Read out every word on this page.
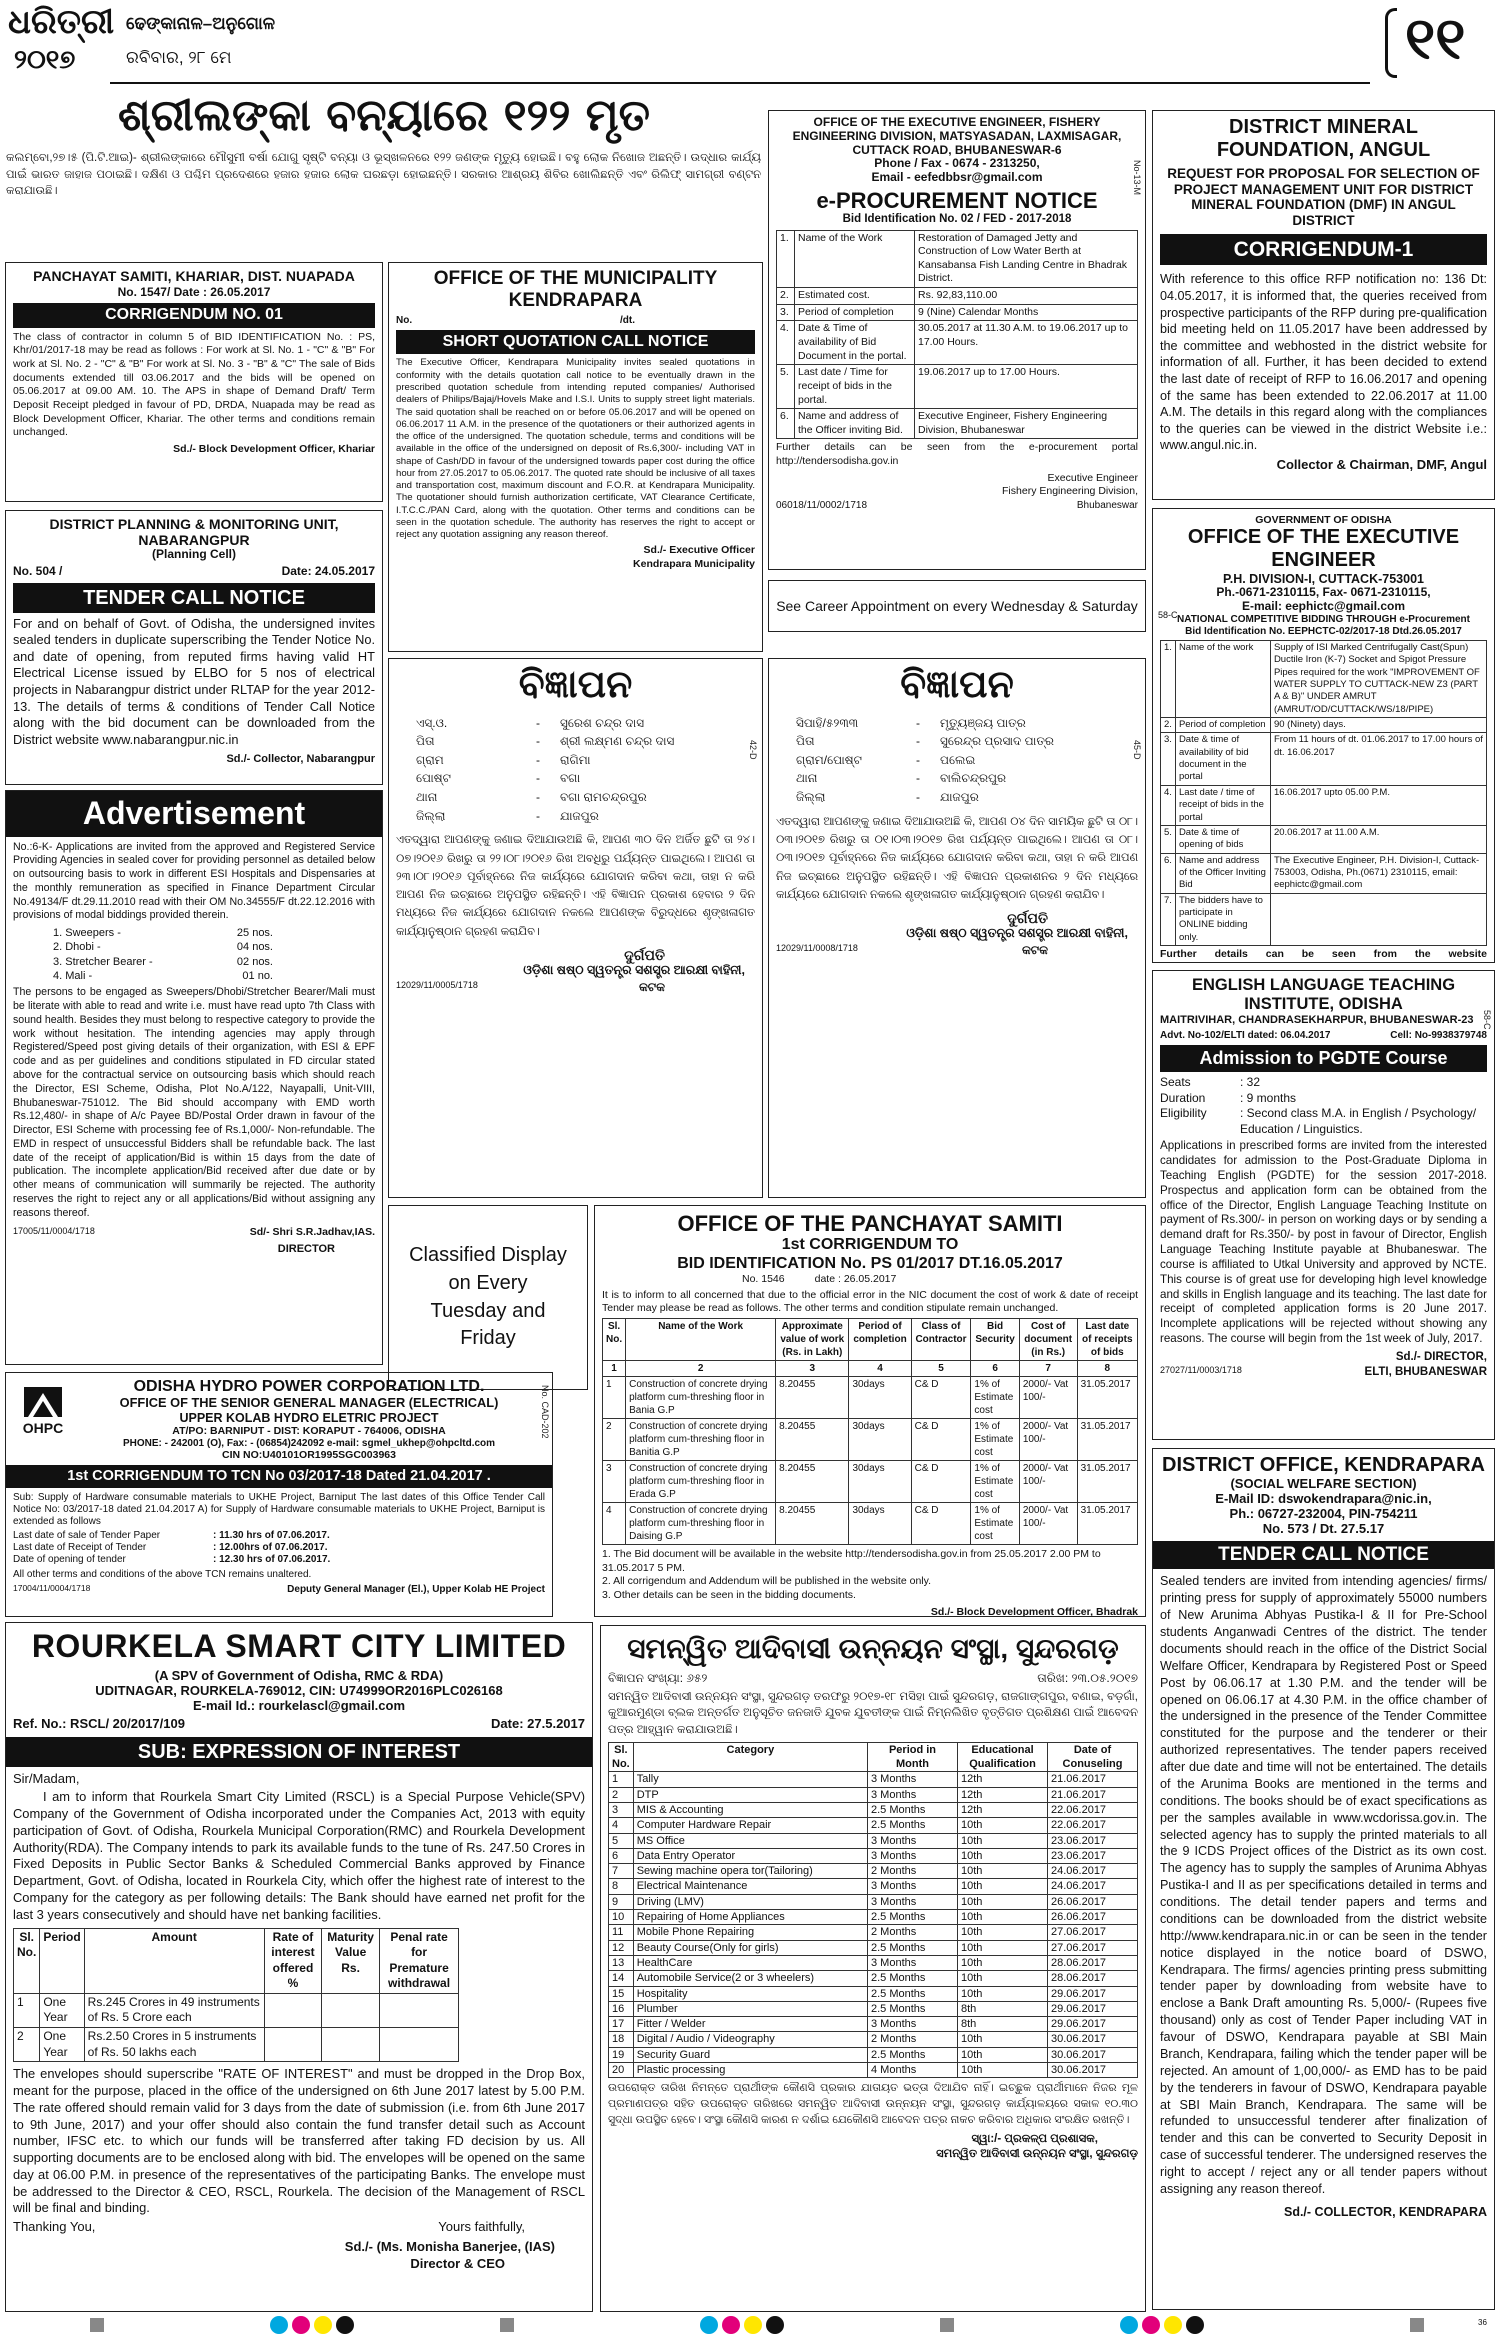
ଧରିତ୍ରୀ
୨୦୧୭
ଢେଙ୍କାନାଳ–ଅନୁଗୋଳ
ରବିବାର, ୨୮ ମେ	୧୧
ଶ୍ରୀଲଙ୍କା ବନ୍ୟାରେ ୧୨୨ ମୃତ
କଲମ୍ବୋ,୨୭।୫ (ପି.ଟି.ଆଇ)- ଶ୍ରୀଲଙ୍କାରେ ମୌସୁମୀ ବର୍ଷା ଯୋଗୁ ସୃଷ୍ଟି ବନ୍ୟା ଓ ଭୂସ୍ଖଳନରେ ୧୨୨ ଜଣଙ୍କ ମୃତ୍ୟୁ ହୋଇଛି। ବହୁ ଲୋକ ନିଖୋଜ ଅଛନ୍ତି। ଉଦ୍ଧାର କାର୍ଯ୍ୟ ପାଇଁ ଭାରତ ଜାହାଜ ପଠାଇଛି। ଦକ୍ଷିଣ ଓ ପଶ୍ଚିମ ପ୍ରଦେଶରେ ହଜାର ହଜାର ଲୋକ ଘରଛଡ଼ା ହୋଇଛନ୍ତି। ସରକାର ଆଶ୍ରୟ ଶିବିର ଖୋଲିଛନ୍ତି ଏବଂ ରିଲିଫ୍ ସାମଗ୍ରୀ ବଣ୍ଟନ କରାଯାଉଛି।
PANCHAYAT SAMITI, KHARIAR, DIST. NUAPADA
No. 1547/ Date : 26.05.2017
CORRIGENDUM NO. 01
The class of contractor in column 5 of BID IDENTIFICATION No. : PS, Khr/01/2017-18 may be read as follows : For work at Sl. No. 1 - "C" & "B" For work at Sl. No. 2 - "C" & "B" For work at Sl. No. 3 - "B" & "C" The sale of Bids documents extended till 03.06.2017 and the bids will be opened on 05.06.2017 at 09.00 AM. 10. The APS in shape of Demand Draft/ Term Deposit Receipt pledged in favour of PD, DRDA, Nuapada may be read as Block Development Officer, Khariar. The other terms and conditions remain unchanged.
Sd./- Block Development Officer, Khariar
OFFICE OF THE MUNICIPALITY KENDRAPARA
No.	/dt.
SHORT QUOTATION CALL NOTICE
The Executive Officer, Kendrapara Municipality invites sealed quotations in conformity with the details quotation call notice to be eventually drawn in the prescribed quotation schedule from intending reputed companies/ Authorised dealers of Philips/Bajaj/Hovels Make and I.S.I. Units to supply street light materials. The said quotation shall be reached on or before 05.06.2017 and will be opened on 06.06.2017 11 A.M. in the presence of the quotationers or their authorized agents in the office of the undersigned. The quotation schedule, terms and conditions will be available in the office of the undersigned on deposit of Rs.6,300/- including VAT in shape of Cash/DD in favour of the undersigned towards paper cost during the office hour from 27.05.2017 to 05.06.2017. The quoted rate should be inclusive of all taxes and transportation cost, maximum discount and F.O.R. at Kendrapara Municipality. The quotationer should furnish authorization certificate, VAT Clearance Certificate, I.T.C.C./PAN Card, along with the quotation. Other terms and conditions can be seen in the quotation schedule. The authority has reserves the right to accept or reject any quotation assigning any reason thereof.
Sd./- Executive Officer
Kendrapara Municipality
OFFICE OF THE EXECUTIVE ENGINEER, FISHERY ENGINEERING DIVISION, MATSYASADAN, LAXMISAGAR, CUTTACK ROAD, BHUBANESWAR-6
Phone / Fax - 0674 - 2313250,
Email - eefedbbsr@gmail.com
e-PROCUREMENT NOTICE
Bid Identification No. 02 / FED - 2017-2018
1.	Name of the Work	Restoration of Damaged Jetty and Construction of Low Water Berth at Kansabansa Fish Landing Centre in Bhadrak District.
2.	Estimated cost.	Rs. 92,83,110.00
3.	Period of completion	9 (Nine) Calendar Months
4.	Date & Time of availability of Bid Document in the portal.	30.05.2017 at 11.30 A.M. to 19.06.2017 up to 17.00 Hours.
5.	Last date / Time for receipt of bids in the portal.	19.06.2017 up to 17.00 Hours.
6.	Name and address of the Officer inviting Bid.	Executive Engineer, Fishery Engineering Division, Bhubaneswar
Further details can be seen from the e-procurement portal http://tendersodisha.gov.in
Executive Engineer
Fishery Engineering Division,
06018/11/0002/1718	Bhubaneswar
No-13-M
See Career Appointment on every Wednesday & Saturday
DISTRICT MINERAL FOUNDATION, ANGUL
REQUEST FOR PROPOSAL FOR SELECTION OF PROJECT MANAGEMENT UNIT FOR DISTRICT MINERAL FOUNDATION (DMF) IN ANGUL DISTRICT
CORRIGENDUM-1
With reference to this office RFP notification no: 136 Dt: 04.05.2017, it is informed that, the queries received from prospective participants of the RFP during pre-qualification bid meeting held on 11.05.2017 have been addressed by the committee and webhosted in the district website for information of all. Further, it has been decided to extend the last date of receipt of RFP to 16.06.2017 and opening of the same has been extended to 22.06.2017 at 11.00 A.M. The details in this regard along with the compliances to the queries can be viewed in the district Website i.e.: www.angul.nic.in.
Collector & Chairman, DMF, Angul
DISTRICT PLANNING & MONITORING UNIT, NABARANGPUR
(Planning Cell)
No. 504 /	Date: 24.05.2017
TENDER CALL NOTICE
For and on behalf of Govt. of Odisha, the undersigned invites sealed tenders in duplicate superscribing the Tender Notice No. and date of opening, from reputed firms having valid HT Electrical License issued by ELBO for 5 nos of electrical projects in Nabarangpur district under RLTAP for the year 2012-13. The details of terms & conditions of Tender Call Notice along with the bid document can be downloaded from the District website www.nabarangpur.nic.in
Sd./- Collector, Nabarangpur
Advertisement
No.:6-K- Applications are invited from the approved and Registered Service Providing Agencies in sealed cover for providing personnel as detailed below on outsourcing basis to work in different ESI Hospitals and Dispensaries at the monthly remuneration as specified in Finance Department Circular No.49134/F dt.29.11.2010 read with their OM No.34555/F dt.22.12.2016 with provisions of modal biddings provided therein.
1. Sweepers -	25 nos.
2. Dhobi -	04 nos.
3. Stretcher Bearer -	02 nos.
4. Mali -	01 no.
The persons to be engaged as Sweepers/Dhobi/Stretcher Bearer/Mali must be literate with able to read and write i.e. must have read upto 7th Class with sound health. Besides they must belong to respective category to provide the work without hesitation. The intending agencies may apply through Registered/Speed post giving details of their organization, with ESI & EPF code and as per guidelines and conditions stipulated in FD circular stated above for the contractual service on outsourcing basis which should reach the Director, ESI Scheme, Odisha, Plot No.A/122, Nayapalli, Unit-VIII, Bhubaneswar-751012. The Bid should accompany with EMD worth Rs.12,480/- in shape of A/c Payee BD/Postal Order drawn in favour of the Director, ESI Scheme with processing fee of Rs.1,000/- Non-refundable. The EMD in respect of unsuccessful Bidders shall be refundable back. The last date of the receipt of application/Bid is within 15 days from the date of publication. The incomplete application/Bid received after due date or by other means of communication will summarily be rejected. The authority reserves the right to reject any or all applications/Bid without assigning any reasons thereof.
17005/11/0004/1718	Sd/- Shri S.R.Jadhav,IAS.
DIRECTOR
ବିଜ୍ଞାପନ
ଏସ୍.ଓ.	- ସୁରେଶ ଚନ୍ଦ୍ର ଦାସ
ପିତା	- ଶ୍ରୀ ଲକ୍ଷ୍ମଣ ଚନ୍ଦ୍ର ଦାସ
ଗ୍ରାମ	- ରାଗିମା
ପୋଷ୍ଟ	- ବଗା
ଥାନା	- ବଗା ରାମଚନ୍ଦ୍ରପୁର
ଜିଲ୍ଲା	- ଯାଜପୁର
ଏତଦ୍ୱାରା ଆପଣଙ୍କୁ ଜଣାଇ ଦିଆଯାଉଅଛି କି, ଆପଣ ୩୦ ଦିନ ଅର୍ଜିତ ଛୁଟି ତା ୨୪।୦୭।୨୦୧୬ ରିଖରୁ ତା ୨୨।୦୮।୨୦୧୬ ରିଖ ଅବଧିରୁ ପର୍ଯ୍ୟନ୍ତ ପାଇଥିଲେ। ଆପଣ ତା ୨୩।୦୮।୨୦୧୬ ପୂର୍ବାହ୍ନରେ ନିଜ କାର୍ଯ୍ୟରେ ଯୋଗଦାନ କରିବା କଥା, ତାହା ନ କରି ଆପଣ ନିଜ ଇଚ୍ଛାରେ ଅନୁପସ୍ଥିତ ରହିଛନ୍ତି। ଏହି ବିଜ୍ଞାପନ ପ୍ରକାଶ ହେବାର ୨ ଦିନ ମଧ୍ୟରେ ନିଜ କାର୍ଯ୍ୟରେ ଯୋଗଦାନ ନକଲେ ଆପଣଙ୍କ ବିରୁଦ୍ଧରେ ଶୃଙ୍ଖଳାଗତ କାର୍ଯ୍ୟାନୁଷ୍ଠାନ ଗ୍ରହଣ କରାଯିବ।
ଦୁର୍ଗପତି
ଓଡ଼ିଶା ଷଷ୍ଠ ସ୍ୱତନ୍ତ୍ର ସଶସ୍ତ୍ର ଆରକ୍ଷୀ ବାହିନୀ,
12029/11/0005/1718	କଟକ
42-D
ବିଜ୍ଞାପନ
ସିପାହି/୫୨୩୩	- ମୃତ୍ୟୁଞ୍ଜୟ ପାତ୍ର
ପିତା	- ସୁରେନ୍ଦ୍ର ପ୍ରସାଦ ପାତ୍ର
ଗ୍ରାମ/ପୋଷ୍ଟ	- ପଲେଇ
ଥାନା	- ବାଲିଚନ୍ଦ୍ରପୁର
ଜିଲ୍ଲା	- ଯାଜପୁର
ଏତଦ୍ୱାରା ଆପଣଙ୍କୁ ଜଣାଇ ଦିଆଯାଉଅଛି କି, ଆପଣ ୦୪ ଦିନ ସାମୟିକ ଛୁଟି ତା ୦୮।୦୩।୨୦୧୭ ରିଖରୁ ତା ୦୧।୦୩।୨୦୧୭ ରିଖ ପର୍ଯ୍ୟନ୍ତ ପାଇଥିଲେ। ଆପଣ ତା ୦୮।୦୩।୨୦୧୭ ପୂର୍ବାହ୍ନରେ ନିଜ କାର୍ଯ୍ୟରେ ଯୋଗଦାନ କରିବା କଥା, ତାହା ନ କରି ଆପଣ ନିଜ ଇଚ୍ଛାରେ ଅନୁପସ୍ଥିତ ରହିଛନ୍ତି। ଏହି ବିଜ୍ଞାପନ ପ୍ରକାଶନର ୨ ଦିନ ମଧ୍ୟରେ କାର୍ଯ୍ୟରେ ଯୋଗଦାନ ନକଲେ ଶୃଙ୍ଖଳାଗତ କାର୍ଯ୍ୟାନୁଷ୍ଠାନ ଗ୍ରହଣ କରାଯିବ।
ଦୁର୍ଗପତି
ଓଡ଼ିଶା ଷଷ୍ଠ ସ୍ୱତନ୍ତ୍ର ସଶସ୍ତ୍ର ଆରକ୍ଷୀ ବାହିନୀ,
12029/11/0008/1718	କଟକ
45-D
GOVERNMENT OF ODISHA
OFFICE OF THE EXECUTIVE ENGINEER
P.H. DIVISION-I, CUTTACK-753001
Ph.-0671-2310115, Fax- 0671-2310115,
E-mail: eephictc@gmail.com
NATIONAL COMPETITIVE BIDDING THROUGH e-Procurement
Bid Identification No. EEPHCTC-02/2017-18 Dtd.26.05.2017
1.	Name of the work	Supply of ISI Marked Centrifugally Cast(Spun) Ductile Iron (K-7) Socket and Spigot Pressure Pipes required for the work "IMPROVEMENT OF WATER SUPPLY TO CUTTACK-NEW Z3 (PART A & B)" UNDER AMRUT (AMRUT/OD/CUTTACK/WS/18/PIPE)
2.	Period of completion	90 (Ninety) days.
3.	Date & time of availability of bid document in the portal	From 11 hours of dt. 01.06.2017 to 17.00 hours of dt. 16.06.2017
4.	Last date / time of receipt of bids in the portal	16.06.2017 upto 05.00 P.M.
5.	Date & time of opening of bids	20.06.2017 at 11.00 A.M.
6.	Name and address of the Officer Inviting Bid	The Executive Engineer, P.H. Division-I, Cuttack-753003, Odisha, Ph.(0671) 2310115, email: eephictc@gmail.com
7.	The bidders have to participate in ONLINE bidding only.	
Further details can be seen from the website
58-C
Classified Display on Every Tuesday and Friday
OFFICE OF THE PANCHAYAT SAMITI
1st CORRIGENDUM TO
BID IDENTIFICATION No. PS 01/2017 DT.16.05.2017
No. 1546	date : 26.05.2017
It is to inform to all concerned that due to the official error in the NIC document the cost of work & date of receipt Tender may please be read as follows. The other terms and condition stipulate remain unchanged.
Sl. No.	Name of the Work	Approximate value of work (Rs. in Lakh)	Period of completion	Class of Contractor	Bid Security	Cost of document (in Rs.)	Last date of receipts of bids
1	2	3	4	5	6	7	8
1	Construction of concrete drying platform cum-threshing floor in Bania G.P	8.20455	30days	C& D	1% of Estimate cost	2000/- Vat 100/-	31.05.2017
2	Construction of concrete drying platform cum-threshing floor in Banitia G.P	8.20455	30days	C& D	1% of Estimate cost	2000/- Vat 100/-	31.05.2017
3	Construction of concrete drying platform cum-threshing floor in Erada G.P	8.20455	30days	C& D	1% of Estimate cost	2000/- Vat 100/-	31.05.2017
4	Construction of concrete drying platform cum-threshing floor in Daising G.P	8.20455	30days	C& D	1% of Estimate cost	2000/- Vat 100/-	31.05.2017
1. The Bid document will be available in the website http://tendersodisha.gov.in from 25.05.2017 2.00 PM to 31.05.2017 5 PM.
2. All corrigendum and Addendum will be published in the website only.
3. Other details can be seen in the bidding documents.
Sd./- Block Development Officer, Bhadrak
ENGLISH LANGUAGE TEACHING INSTITUTE, ODISHA
MAITRIVIHAR, CHANDRASEKHARPUR, BHUBANESWAR-23
Advt. No-102/ELTI dated: 06.04.2017	Cell: No-9938379748
Admission to PGDTE Course
Seats	: 32
Duration	: 9 months
Eligibility	: Second class M.A. in English / Psychology/ Education / Linguistics.
Applications in prescribed forms are invited from the interested candidates for admission to the Post-Graduate Diploma in Teaching English (PGDTE) for the session 2017-2018. Prospectus and application form can be obtained from the office of the Director, English Language Teaching Institute on payment of Rs.300/- in person on working days or by sending a demand draft for Rs.350/- by post in favour of Director, English Language Teaching Institute payable at Bhubaneswar. The course is affiliated to Utkal University and approved by NCTE. This course is of great use for developing high level knowledge and skills in English language and its teaching. The last date for receipt of completed application forms is 20 June 2017. Incomplete applications will be rejected without showing any reasons. The course will begin from the 1st week of July, 2017.
Sd./- DIRECTOR,
27027/11/0003/1718	ELTI, BHUBANESWAR
58-C
OHPC
ODISHA HYDRO POWER CORPORATION LTD.
OFFICE OF THE SENIOR GENERAL MANAGER (ELECTRICAL)
UPPER KOLAB HYDRO ELETRIC PROJECT
AT/PO: BARNIPUT - DIST: KORAPUT - 764006, ODISHA
PHONE: - 242001 (O), Fax: - (06854)242092 e-mail: sgmel_ukhep@ohpcltd.com
CIN NO:U40101OR1995SGC003963
1st CORRIGENDUM TO TCN No 03/2017-18 Dated 21.04.2017 .
Sub: Supply of Hardware consumable materials to UKHE Project, Barniput The last dates of this Office Tender Call Notice No: 03/2017-18 dated 21.04.2017 A) for Supply of Hardware consumable materials to UKHE Project, Barniput is extended as follows
Last date of sale of Tender Paper	: 11.30 hrs of 07.06.2017.
Last date of Receipt of Tender	: 12.00hrs of 07.06.2017.
Date of opening of tender	: 12.30 hrs of 07.06.2017.
All other terms and conditions of the above TCN remains unaltered.
17004/11/0004/1718	Deputy General Manager (El.), Upper Kolab HE Project
No. CAD-202
DISTRICT OFFICE, KENDRAPARA
(SOCIAL WELFARE SECTION)
E-Mail ID: dswokendrapara@nic.in,
Ph.: 06727-232004, PIN-754211
No. 573 / Dt. 27.5.17
TENDER CALL NOTICE
Sealed tenders are invited from intending agencies/ firms/ printing press for supply of approximately 55000 numbers of New Arunima Abhyas Pustika-I & II for Pre-School students Anganwadi Centres of the district. The tender documents should reach in the office of the District Social Welfare Officer, Kendrapara by Registered Post or Speed Post by 06.06.17 at 1.30 P.M. and the tender will be opened on 06.06.17 at 4.30 P.M. in the office chamber of the undersigned in the presence of the Tender Committee constituted for the purpose and the tenderer or their authorized representatives. The tender papers received after due date and time will not be entertained. The details of the Arunima Books are mentioned in the terms and conditions. The books should be of exact specifications as per the samples available in www.wcdorissa.gov.in. The selected agency has to supply the printed materials to all the 9 ICDS Project offices of the District as its own cost. The agency has to supply the samples of Arunima Abhyas Pustika-I and II as per specifications detailed in terms and conditions. The detail tender papers and terms and conditions can be downloaded from the district website http://www.kendrapara.nic.in or can be seen in the tender notice displayed in the notice board of DSWO, Kendrapara. The firms/ agencies printing press submitting tender paper by downloading from website have to enclose a Bank Draft amounting Rs. 5,000/- (Rupees five thousand) only as cost of Tender Paper including VAT in favour of DSWO, Kendrapara payable at SBI Main Branch, Kendrapara, failing which the tender paper will be rejected. An amount of 1,00,000/- as EMD has to be paid by the tenderers in favour of DSWO, Kendrapara payable at SBI Main Branch, Kendrapara. The same will be refunded to unsuccessful tenderer after finalization of tender and this can be converted to Security Deposit in case of successful tenderer. The undersigned reserves the right to accept / reject any or all tender papers without assigning any reason thereof.
Sd./- COLLECTOR, KENDRAPARA
ROURKELA SMART CITY LIMITED
(A SPV of Government of Odisha, RMC & RDA)
UDITNAGAR, ROURKELA-769012, CIN: U74999OR2016PLC026168
E-mail Id.: rourkelascl@gmail.com
Ref. No.: RSCL/ 20/2017/109	Date: 27.5.2017
SUB: EXPRESSION OF INTEREST
Sir/Madam,
I am to inform that Rourkela Smart City Limited (RSCL) is a Special Purpose Vehicle(SPV) Company of the Government of Odisha incorporated under the Companies Act, 2013 with equity participation of Govt. of Odisha, Rourkela Municipal Corporation(RMC) and Rourkela Development Authority(RDA). The Company intends to park its available funds to the tune of Rs. 247.50 Crores in Fixed Deposits in Public Sector Banks & Scheduled Commercial Banks approved by Finance Department, Govt. of Odisha, located in Rourkela City, which offer the highest rate of interest to the Company for the category as per following details: The Bank should have earned net profit for the last 3 years consecutively and should have net banking facilities.
Sl. No.	Period	Amount	Rate of interest offered %	Maturity Value Rs.	Penal rate for Premature withdrawal
1	One Year	Rs.245 Crores in 49 instruments of Rs. 5 Crore each			
2	One Year	Rs.2.50 Crores in 5 instruments of Rs. 50 lakhs each			
The envelopes should superscribe "RATE OF INTEREST" and must be dropped in the Drop Box, meant for the purpose, placed in the office of the undersigned on 6th June 2017 latest by 5.00 P.M. The rate offered should remain valid for 3 days from the date of submission (i.e. from 6th June 2017 to 9th June, 2017) and your offer should also contain the fund transfer detail such as Account number, IFSC etc. to which our funds will be transferred after taking FD decision by us. All supporting documents are to be enclosed along with bid. The envelopes will be opened on the same day at 06.00 P.M. in presence of the representatives of the participating Banks. The envelope must be addressed to the Director & CEO, RSCL, Rourkela. The decision of the Management of RSCL will be final and binding.
Thanking You,	Yours faithfully,
Sd./- (Ms. Monisha Banerjee, (IAS)
Director & CEO
ସମନ୍ୱିତ ଆଦିବାସୀ ଉନ୍ନୟନ ସଂସ୍ଥା, ସୁନ୍ଦରଗଡ଼
ବିଜ୍ଞାପନ ସଂଖ୍ୟା: ୬୫୨	ତାରିଖ: ୨୩.୦୫.୨୦୧୭
ସମନ୍ୱିତ ଆଦିବାସୀ ଉନ୍ନୟନ ସଂସ୍ଥା, ସୁନ୍ଦରଗଡ଼ ତରଫରୁ ୨୦୧୭-୧୮ ମସିହା ପାଇଁ ସୁନ୍ଦରଗଡ଼, ରାଜଗାଙ୍ଗପୁର, ବଣାଇ, ବଡ଼ଗାଁ, କୁଆରମୁଣ୍ଡା ବ୍ଲକ ଅନ୍ତର୍ଗତ ଅନୁସୂଚିତ ଜନଜାତି ଯୁବକ ଯୁବତୀଙ୍କ ପାଇଁ ନିମ୍ନଲିଖିତ ବୃତ୍ତିଗତ ପ୍ରଶିକ୍ଷଣ ପାଇଁ ଆବେଦନ ପତ୍ର ଆହ୍ୱାନ କରାଯାଉଅଛି।
Sl. No.	Category	Period in Month	Educational Qualification	Date of Conuseling
1	Tally	3 Months	12th	21.06.2017
2	DTP	3 Months	12th	21.06.2017
3	MIS & Accounting	2.5 Months	12th	22.06.2017
4	Computer Hardware Repair	2.5 Months	10th	22.06.2017
5	MS Office	3 Months	10th	23.06.2017
6	Data Entry Operator	3 Months	10th	23.06.2017
7	Sewing machine opera tor(Tailoring)	2 Months	10th	24.06.2017
8	Electrical Maintenance	3 Months	10th	24.06.2017
9	Driving (LMV)	3 Months	10th	26.06.2017
10	Repairing of Home Appliances	2.5 Months	10th	26.06.2017
11	Mobile Phone Repairing	2 Months	10th	27.06.2017
12	Beauty Course(Only for girls)	2.5 Months	10th	27.06.2017
13	HealthCare	3 Months	10th	28.06.2017
14	Automobile Service(2 or 3 wheelers)	2.5 Months	10th	28.06.2017
15	Hospitality	2.5 Months	10th	29.06.2017
16	Plumber	2.5 Months	8th	29.06.2017
17	Fitter / Welder	3 Months	8th	29.06.2017
18	Digital / Audio / Videography	2 Months	10th	30.06.2017
19	Security Guard	2.5 Months	10th	30.06.2017
20	Plastic processing	4 Months	10th	30.06.2017
ଉପରୋକ୍ତ ତାରିଖ ନିମନ୍ତେ ପ୍ରାର୍ଥୀଙ୍କ କୌଣସି ପ୍ରକାର ଯାତାୟତ ଭତ୍ତା ଦିଆଯିବ ନାହିଁ। ଇଚ୍ଛୁକ ପ୍ରାର୍ଥୀମାନେ ନିଜର ମୂଳ ପ୍ରମାଣପତ୍ର ସହିତ ଉପରୋକ୍ତ ତାରିଖରେ ସମନ୍ୱିତ ଆଦିବାସୀ ଉନ୍ନୟନ ସଂସ୍ଥା, ସୁନ୍ଦରଗଡ଼ କାର୍ଯ୍ୟାଳୟରେ ସକାଳ ୧୦.୩୦ ସୁଦ୍ଧା ଉପସ୍ଥିତ ହେବେ। ସଂସ୍ଥା କୌଣସି କାରଣ ନ ଦର୍ଶାଇ ଯେକୌଣସି ଆବେଦନ ପତ୍ର ନାକଚ କରିବାର ଅଧିକାର ସଂରକ୍ଷିତ ରଖନ୍ତି।
ସ୍ୱା:/- ପ୍ରକଳ୍ପ ପ୍ରଶାସକ,
ସମନ୍ୱିତ ଆଦିବାସୀ ଉନ୍ନୟନ ସଂସ୍ଥା, ସୁନ୍ଦରଗଡ଼
36
